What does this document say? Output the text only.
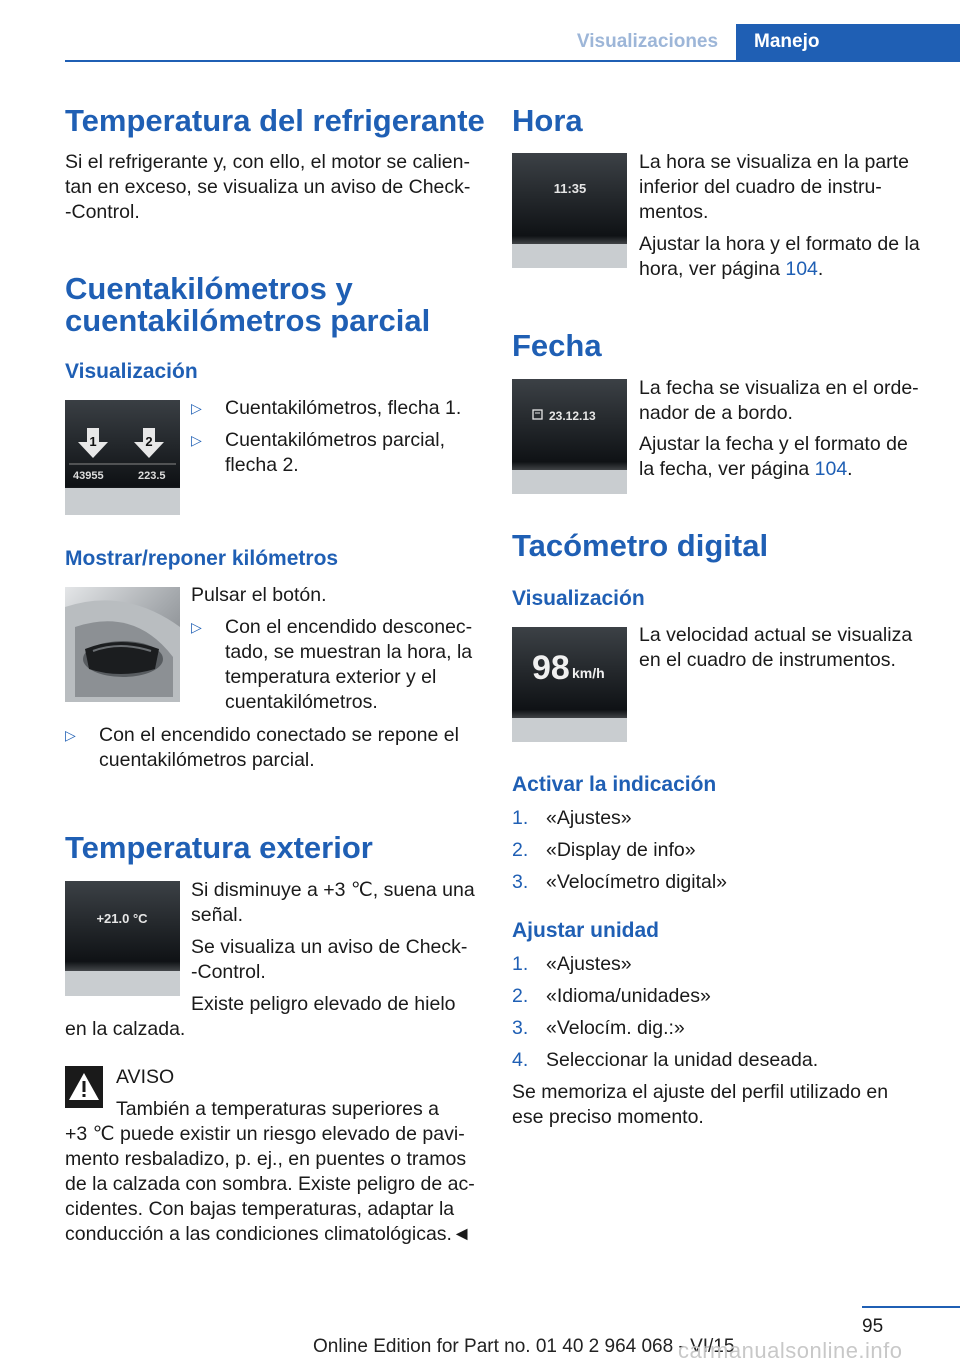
Visualizaciones	Manejo
Temperatura del refrigerante
Si el refrigerante y, con ello, el motor se calien-
tan en exceso, se visualiza un aviso de Check-
-Control.
Cuentakilómetros y
cuentakilómetros parcial
Visualización
1	2
43955	223.5
▷ Cuentakilómetros, flecha 1.
▷ Cuentakilómetros parcial,
flecha 2.
Mostrar/reponer kilómetros
Pulsar el botón.
▷ Con el encendido desconec-
tado, se muestran la hora, la
temperatura exterior y el
cuentakilómetros.
▷ Con el encendido conectado se repone el
cuentakilómetros parcial.
Temperatura exterior
+21.0 °C
Si disminuye a +3 ℃, suena una
señal.
Se visualiza un aviso de Check-
-Control.
Existe peligro elevado de hielo
en la calzada.
AVISO
También a temperaturas superiores a
+3 ℃ puede existir un riesgo elevado de pavi-
mento resbaladizo, p. ej., en puentes o tramos
de la calzada con sombra. Existe peligro de ac-
cidentes. Con bajas temperaturas, adaptar la
conducción a las condiciones climatológicas.◄
Hora
11:35
La hora se visualiza en la parte
inferior del cuadro de instru-
mentos.
Ajustar la hora y el formato de la
hora, ver página 104.
Fecha
23.12.13
La fecha se visualiza en el orde-
nador de a bordo.
Ajustar la fecha y el formato de
la fecha, ver página 104.
Tacómetro digital
Visualización
98 km/h
La velocidad actual se visualiza
en el cuadro de instrumentos.
Activar la indicación
1. «Ajustes»
2. «Display de info»
3. «Velocímetro digital»
Ajustar unidad
1. «Ajustes»
2. «Idioma/unidades»
3. «Velocím. dig.:»
4. Seleccionar la unidad deseada.
Se memoriza el ajuste del perfil utilizado en
ese preciso momento.
95
Online Edition for Part no. 01 40 2 964 068 - VI/15
carmanualsonline.info
